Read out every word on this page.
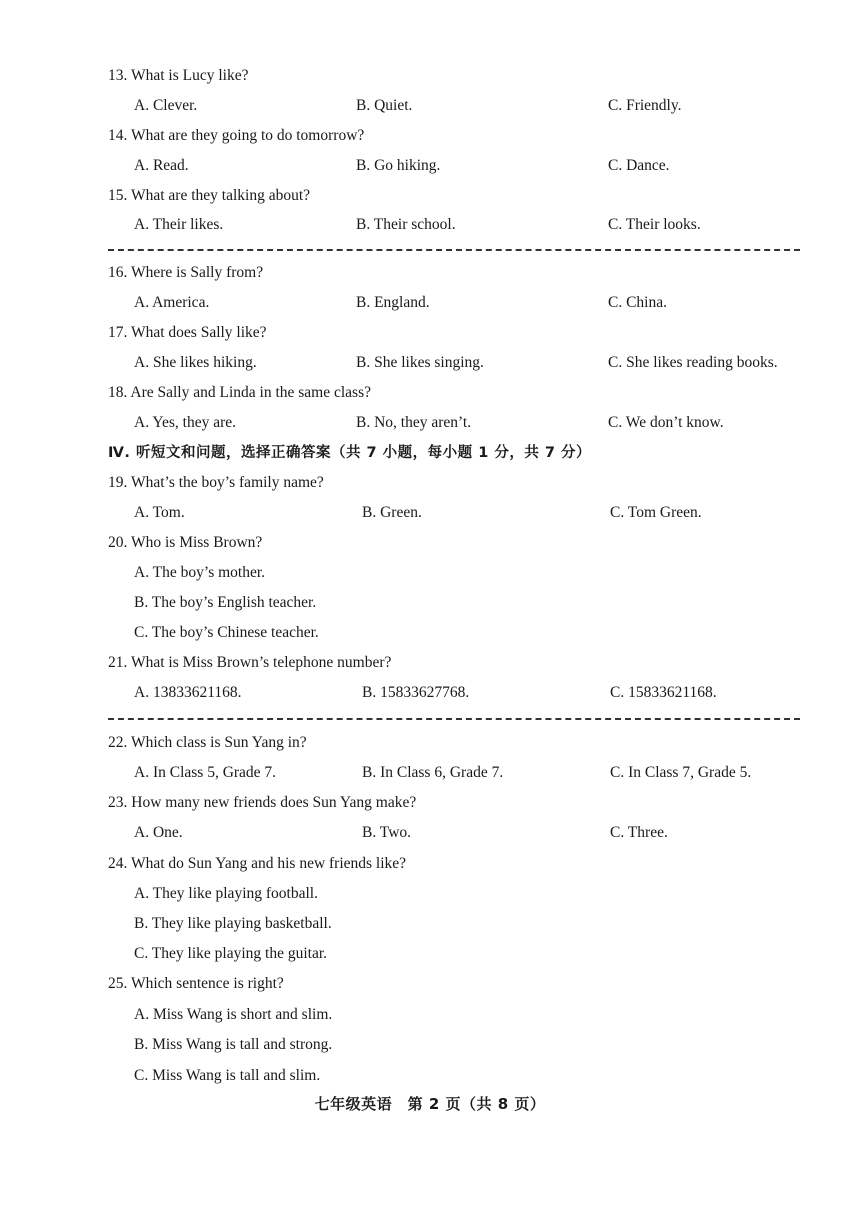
13. What is Lucy like?
A. Clever.	B. Quiet.	C. Friendly.
14. What are they going to do tomorrow?
A. Read.	B. Go hiking.	C. Dance.
15. What are they talking about?
A. Their likes.	B. Their school.	C. Their looks.
16. Where is Sally from?
A. America.	B. England.	C. China.
17. What does Sally like?
A. She likes hiking.	B. She likes singing.	C. She likes reading books.
18. Are Sally and Linda in the same class?
A. Yes, they are.	B. No, they aren’t.	C. We don’t know.
Ⅳ. 听短文和问题，选择正确答案（共 7 小题，每小题 1 分，共 7 分）
19. What’s the boy’s family name?
A. Tom.	B. Green.	C. Tom Green.
20. Who is Miss Brown?
A. The boy’s mother.
B. The boy’s English teacher.
C. The boy’s Chinese teacher.
21. What is Miss Brown’s telephone number?
A. 13833621168.	B. 15833627768.	C. 15833621168.
22. Which class is Sun Yang in?
A. In Class 5, Grade 7.	B. In Class 6, Grade 7.	C. In Class 7, Grade 5.
23. How many new friends does Sun Yang make?
A. One.	B. Two.	C. Three.
24. What do Sun Yang and his new friends like?
A. They like playing football.
B. They like playing basketball.
C. They like playing the guitar.
25. Which sentence is right?
A. Miss Wang is short and slim.
B. Miss Wang is tall and strong.
C. Miss Wang is tall and slim.
七年级英语　第 2 页（共 8 页）
